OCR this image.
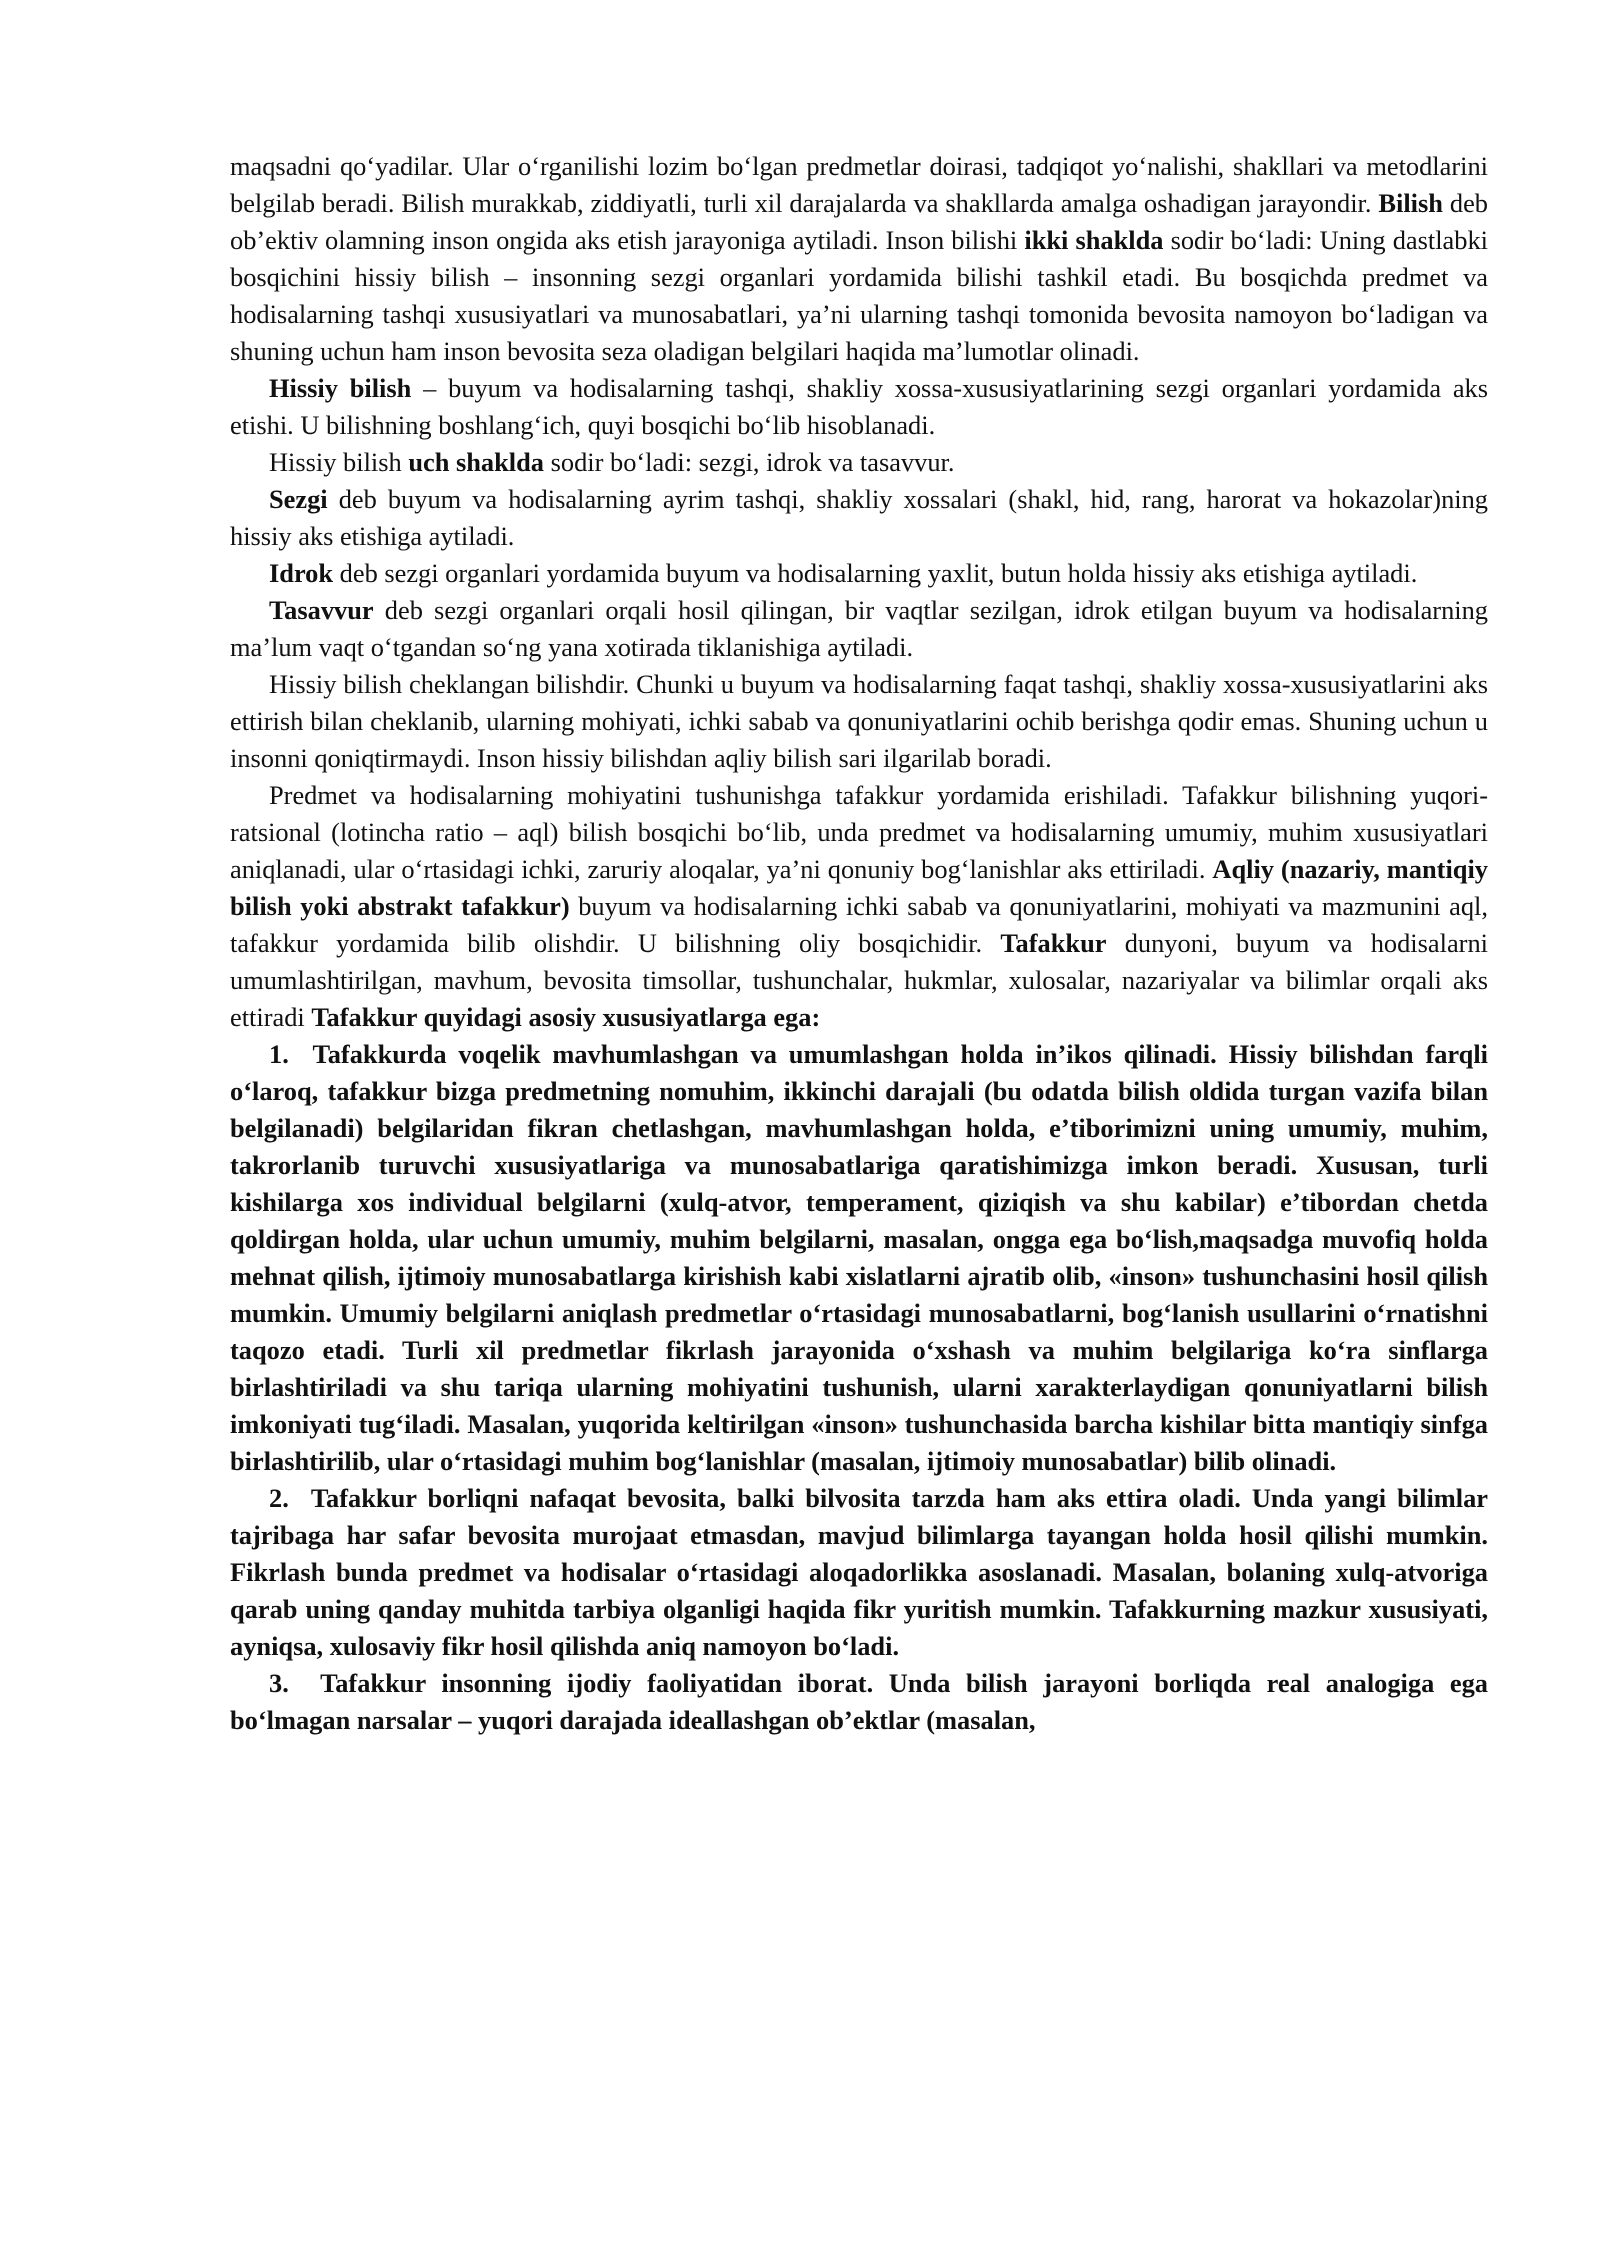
maqsadni qo‘yadilar. Ular o‘rganilishi lozim bo‘lgan predmetlar doirasi, tadqiqot yo‘nalishi, shakllari va metodlarini belgilab beradi. Bilish murakkab, ziddiyatli, turli xil darajalarda va shakllarda amalga oshadigan jarayondir. Bilish deb ob’ektiv olamning inson ongida aks etish jarayoniga aytiladi. Inson bilishi ikki shaklda sodir bo‘ladi: Uning dastlabki bosqichini hissiy bilish – insonning sezgi organlari yordamida bilishi tashkil etadi. Bu bosqichda predmet va hodisalarning tashqi xususiyatlari va munosabatlari, ya’ni ularning tashqi tomonida bevosita namoyon bo‘ladigan va shuning uchun ham inson bevosita seza oladigan belgilari haqida ma’lumotlar olinadi.

Hissiy bilish – buyum va hodisalarning tashqi, shakliy xossa-xususiyatlarining sezgi organlari yordamida aks etishi. U bilishning boshlang‘ich, quyi bosqichi bo‘lib hisoblanadi.

Hissiy bilish uch shaklda sodir bo‘ladi: sezgi, idrok va tasavvur.

Sezgi deb buyum va hodisalarning ayrim tashqi, shakliy xossalari (shakl, hid, rang, harorat va hokazolar)ning hissiy aks etishiga aytiladi.

Idrok deb sezgi organlari yordamida buyum va hodisalarning yaxlit, butun holda hissiy aks etishiga aytiladi.

Tasavvur deb sezgi organlari orqali hosil qilingan, bir vaqtlar sezilgan, idrok etilgan buyum va hodisalarning ma’lum vaqt o‘tgandan so‘ng yana xotirada tiklanishiga aytiladi.

Hissiy bilish cheklangan bilishdir. Chunki u buyum va hodisalarning faqat tashqi, shakliy xossa-xususiyatlarini aks ettirish bilan cheklanib, ularning mohiyati, ichki sabab va qonuniyatlarini ochib berishga qodir emas. Shuning uchun u insonni qoniqtirmaydi. Inson hissiy bilishdan aqliy bilish sari ilgarilab boradi.

Predmet va hodisalarning mohiyatini tushunishga tafakkur yordamida erishiladi. Tafakkur bilishning yuqori-ratsional (lotincha ratio – aql) bilish bosqichi bo‘lib, unda predmet va hodisalarning umumiy, muhim xususiyatlari aniqlanadi, ular o‘rtasidagi ichki, zaruriy aloqalar, ya’ni qonuniy bog‘lanishlar aks ettiriladi. Aqliy (nazariy, mantiqiy bilish yoki abstrakt tafakkur) buyum va hodisalarning ichki sabab va qonuniyatlarini, mohiyati va mazmunini aql, tafakkur yordamida bilib olishdir. U bilishning oliy bosqichidir. Tafakkur dunyoni, buyum va hodisalarni umumlashtirilgan, mavhum, bevosita timsollar, tushunchalar, hukmlar, xulosalar, nazariyalar va bilimlar orqali aks ettiradi Tafakkur quyidagi asosiy xususiyatlarga ega:

1. Tafakkurda voqelik mavhumlashgan va umumlashgan holda in’ikos qilinadi. Hissiy bilishdan farqli o‘laroq, tafakkur bizga predmetning nomuhim, ikkinchi darajali (bu odatda bilish oldida turgan vazifa bilan belgilanadi) belgilaridan fikran chetlashgan, mavhumlashgan holda, e’tiborimizni uning umumiy, muhim, takrorlanib turuvchi xususiyatlariga va munosabatlariga qaratishimizga imkon beradi. Xususan, turli kishilarga xos individual belgilarni (xulq-atvor, temperament, qiziqish va shu kabilar) e’tibordan chetda qoldirgan holda, ular uchun umumiy, muhim belgilarni, masalan, ongga ega bo‘lish,maqsadga muvofiq holda mehnat qilish, ijtimoiy munosabatlarga kirishish kabi xislatlarni ajratib olib, «inson» tushunchasini hosil qilish mumkin. Umumiy belgilarni aniqlash predmetlar o‘rtasidagi munosabatlarni, bog‘lanish usullarini o‘rnatishni taqozo etadi. Turli xil predmetlar fikrlash jarayonida o‘xshash va muhim belgilariga ko‘ra sinflarga birlashtiriladi va shu tariqa ularning mohiyatini tushunish, ularni xarakterlaydigan qonuniyatlarni bilish imkoniyati tug‘iladi. Masalan, yuqorida keltirilgan «inson» tushunchasida barcha kishilar bitta mantiqiy sinfga birlashtirilib, ular o‘rtasidagi muhim bog‘lanishlar (masalan, ijtimoiy munosabatlar) bilib olinadi.

2. Tafakkur borliqni nafaqat bevosita, balki bilvosita tarzda ham aks ettira oladi. Unda yangi bilimlar tajribaga har safar bevosita murojaat etmasdan, mavjud bilimlarga tayangan holda hosil qilishi mumkin. Fikrlash bunda predmet va hodisalar o‘rtasidagi aloqadorlikka asoslanadi. Masalan, bolaning xulq-atvoriga qarab uning qanday muhitda tarbiya olganligi haqida fikr yuritish mumkin. Tafakkurning mazkur xususiyati, ayniqsa, xulosaviy fikr hosil qilishda aniq namoyon bo‘ladi.

3. Tafakkur insonning ijodiy faoliyatidan iborat. Unda bilish jarayoni borliqda real analogiga ega bo‘lmagan narsalar – yuqori darajada ideallashgan ob’ektlar (masalan,
